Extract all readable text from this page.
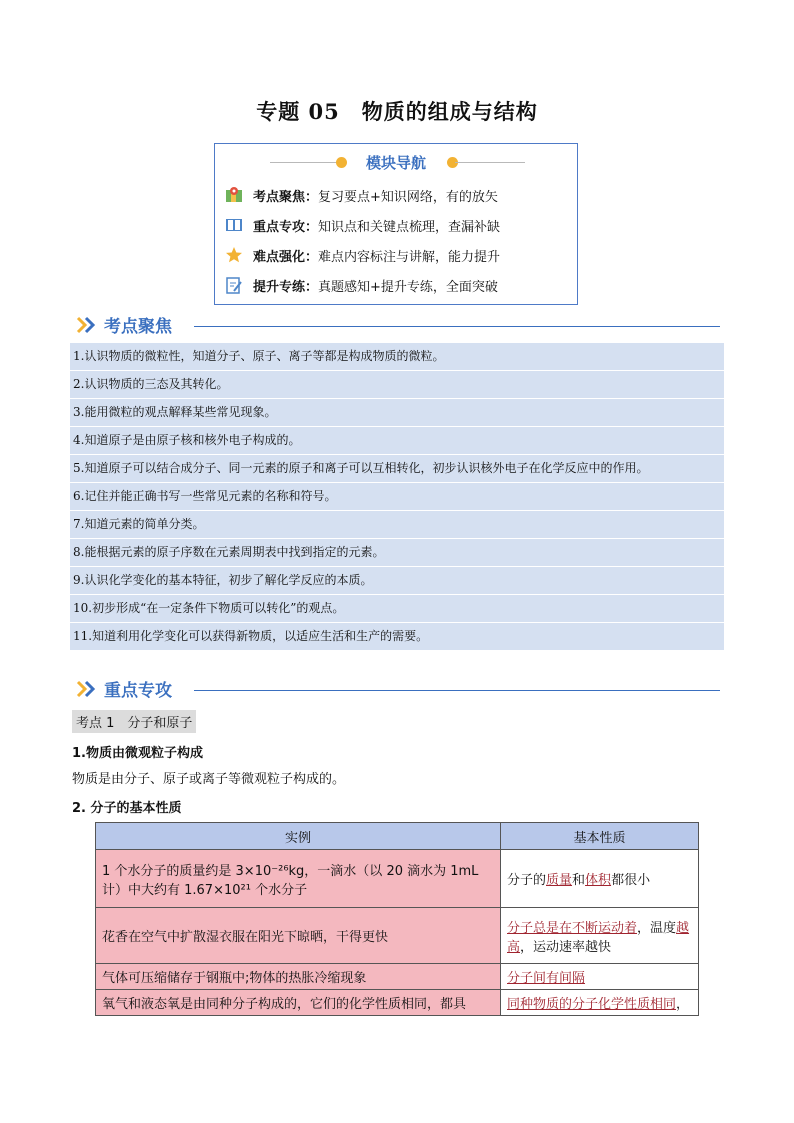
专题 05　物质的组成与结构
模块导航
考点聚焦： 复习要点+知识网络，有的放矢
重点专攻： 知识点和关键点梳理，查漏补缺
难点强化： 难点内容标注与讲解，能力提升
提升专练： 真题感知+提升专练，全面突破
考点聚焦
1.认识物质的微粒性，知道分子、原子、离子等都是构成物质的微粒。
2.认识物质的三态及其转化。
3.能用微粒的观点解释某些常见现象。
4.知道原子是由原子核和核外电子构成的。
5.知道原子可以结合成分子、同一元素的原子和离子可以互相转化，初步认识核外电子在化学反应中的作用。
6.记住并能正确书写一些常见元素的名称和符号。
7.知道元素的简单分类。
8.能根据元素的原子序数在元素周期表中找到指定的元素。
9.认识化学变化的基本特征，初步了解化学反应的本质。
10.初步形成“在一定条件下物质可以转化”的观点。
11.知道利用化学变化可以获得新物质，以适应生活和生产的需要。
重点专攻
考点 1　分子和原子
1.物质由微观粒子构成
物质是由分子、原子或离子等微观粒子构成的。
2. 分子的基本性质
实例	基本性质
1 个水分子的质量约是 3×10⁻²⁶kg，一滴水（以 20 滴水为 1mL 计）中大约有 1.67×10²¹ 个水分子	分子的质量和体积都很小
花香在空气中扩散湿衣服在阳光下晾晒，干得更快	分子总是在不断运动着，温度越高，运动速率越快
气体可压缩储存于钢瓶中;物体的热胀冷缩现象	分子间有间隔
氧气和液态氧是由同种分子构成的，它们的化学性质相同，都具	同种物质的分子化学性质相同，
